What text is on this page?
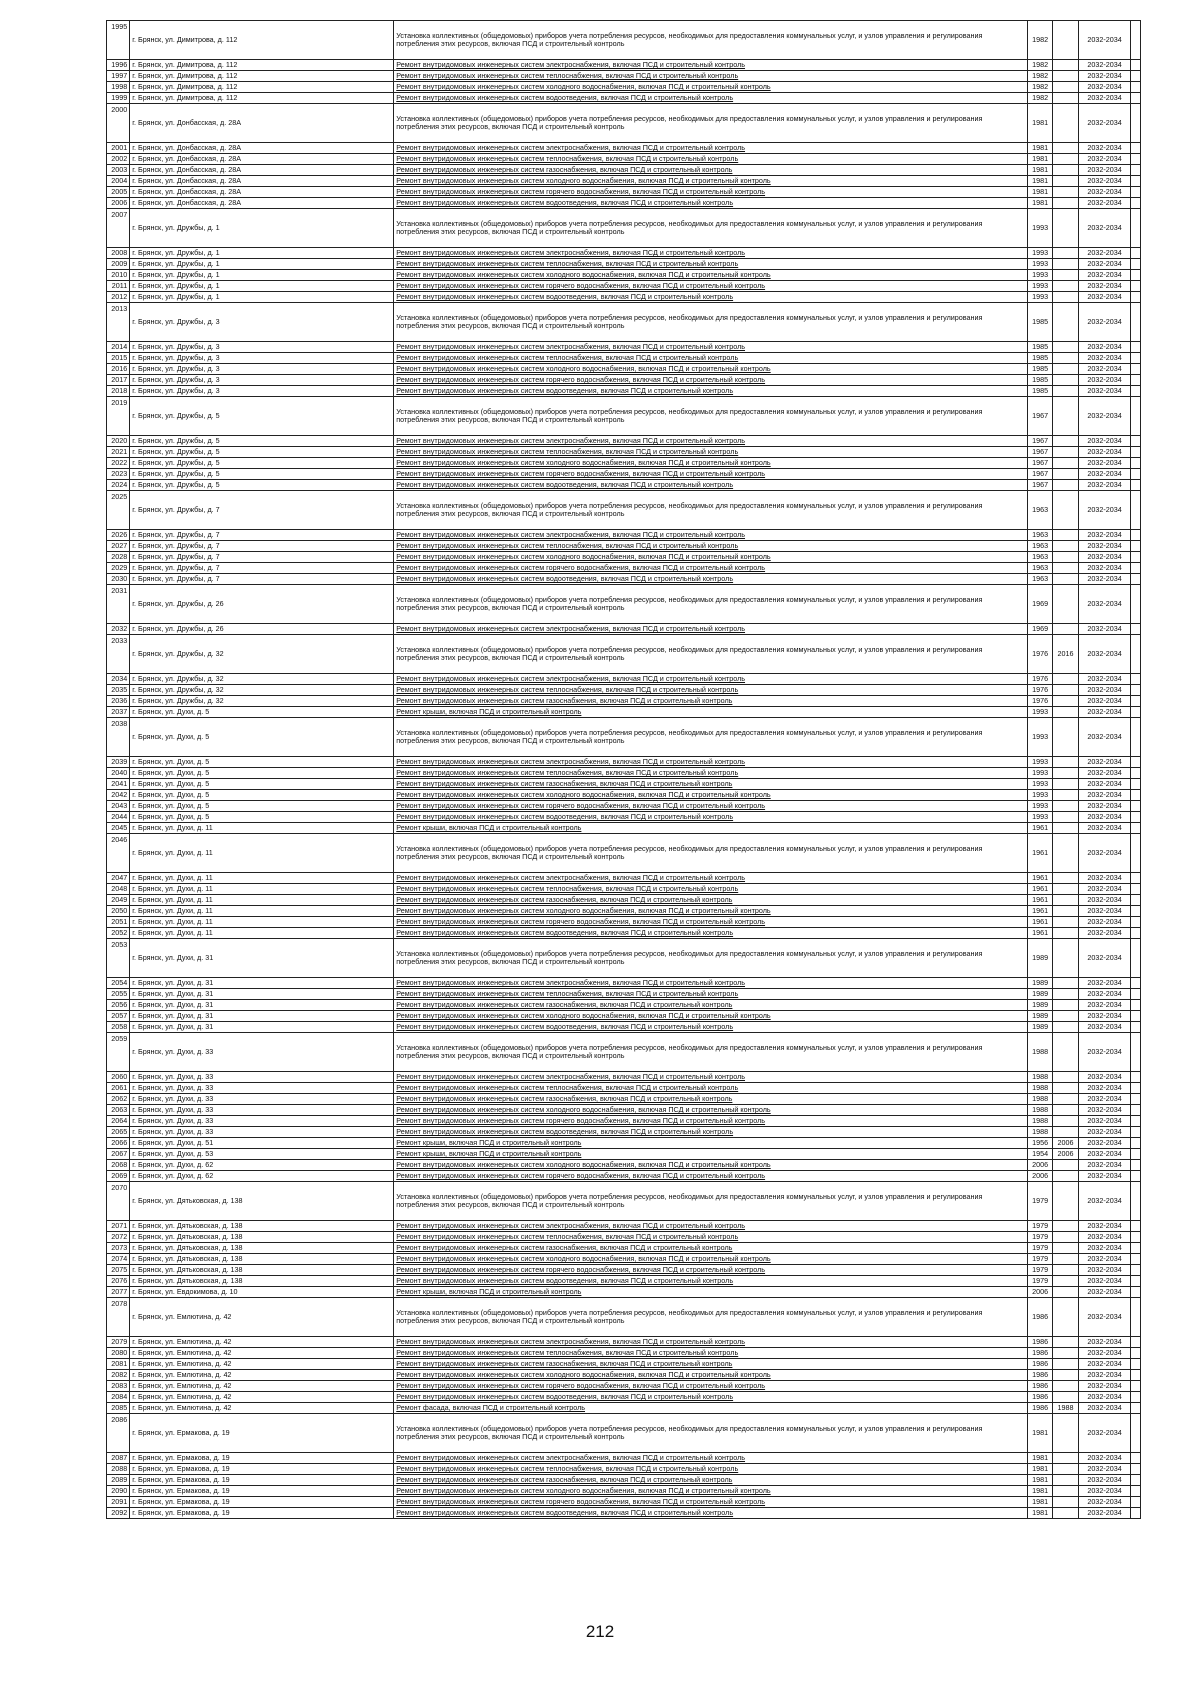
1995	г. Брянск, ул. Димитрова, д. 112	Установка коллективных (общедомовых) приборов учета потребления ресурсов, необходимых для предоставления коммунальных услуг, и узлов управления и регулирования потребления этих ресурсов, включая ПСД и строительный контроль	1982		2032-2034	
1996	г. Брянск, ул. Димитрова, д. 112	Ремонт внутридомовых инженерных систем электроснабжения, включая ПСД и строительный контроль	1982		2032-2034	
1997	г. Брянск, ул. Димитрова, д. 112	Ремонт внутридомовых инженерных систем теплоснабжения, включая ПСД и строительный контроль	1982		2032-2034	
1998	г. Брянск, ул. Димитрова, д. 112	Ремонт внутридомовых инженерных систем холодного водоснабжения, включая ПСД и строительный контроль	1982		2032-2034	
1999	г. Брянск, ул. Димитрова, д. 112	Ремонт внутридомовых инженерных систем водоотведения, включая ПСД и строительный контроль	1982		2032-2034	
2000	г. Брянск, ул. Донбасская, д. 28А	Установка коллективных (общедомовых) приборов учета потребления ресурсов, необходимых для предоставления коммунальных услуг, и узлов управления и регулирования потребления этих ресурсов, включая ПСД и строительный контроль	1981		2032-2034	
2001	г. Брянск, ул. Донбасская, д. 28А	Ремонт внутридомовых инженерных систем электроснабжения, включая ПСД и строительный контроль	1981		2032-2034	
2002	г. Брянск, ул. Донбасская, д. 28А	Ремонт внутридомовых инженерных систем теплоснабжения, включая ПСД и строительный контроль	1981		2032-2034	
2003	г. Брянск, ул. Донбасская, д. 28А	Ремонт внутридомовых инженерных систем газоснабжения, включая ПСД и строительный контроль	1981		2032-2034	
2004	г. Брянск, ул. Донбасская, д. 28А	Ремонт внутридомовых инженерных систем холодного водоснабжения, включая ПСД и строительный контроль	1981		2032-2034	
2005	г. Брянск, ул. Донбасская, д. 28А	Ремонт внутридомовых инженерных систем горячего водоснабжения, включая ПСД и строительный контроль	1981		2032-2034	
2006	г. Брянск, ул. Донбасская, д. 28А	Ремонт внутридомовых инженерных систем водоотведения, включая ПСД и строительный контроль	1981		2032-2034	
2007	г. Брянск, ул. Дружбы, д. 1	Установка коллективных (общедомовых) приборов учета потребления ресурсов, необходимых для предоставления коммунальных услуг, и узлов управления и регулирования потребления этих ресурсов, включая ПСД и строительный контроль	1993		2032-2034	
2008	г. Брянск, ул. Дружбы, д. 1	Ремонт внутридомовых инженерных систем электроснабжения, включая ПСД и строительный контроль	1993		2032-2034	
2009	г. Брянск, ул. Дружбы, д. 1	Ремонт внутридомовых инженерных систем теплоснабжения, включая ПСД и строительный контроль	1993		2032-2034	
2010	г. Брянск, ул. Дружбы, д. 1	Ремонт внутридомовых инженерных систем холодного водоснабжения, включая ПСД и строительный контроль	1993		2032-2034	
2011	г. Брянск, ул. Дружбы, д. 1	Ремонт внутридомовых инженерных систем горячего водоснабжения, включая ПСД и строительный контроль	1993		2032-2034	
2012	г. Брянск, ул. Дружбы, д. 1	Ремонт внутридомовых инженерных систем водоотведения, включая ПСД и строительный контроль	1993		2032-2034	
2013	г. Брянск, ул. Дружбы, д. 3	Установка коллективных (общедомовых) приборов учета потребления ресурсов, необходимых для предоставления коммунальных услуг, и узлов управления и регулирования потребления этих ресурсов, включая ПСД и строительный контроль	1985		2032-2034	
2014	г. Брянск, ул. Дружбы, д. 3	Ремонт внутридомовых инженерных систем электроснабжения, включая ПСД и строительный контроль	1985		2032-2034	
2015	г. Брянск, ул. Дружбы, д. 3	Ремонт внутридомовых инженерных систем теплоснабжения, включая ПСД и строительный контроль	1985		2032-2034	
2016	г. Брянск, ул. Дружбы, д. 3	Ремонт внутридомовых инженерных систем холодного водоснабжения, включая ПСД и строительный контроль	1985		2032-2034	
2017	г. Брянск, ул. Дружбы, д. 3	Ремонт внутридомовых инженерных систем горячего водоснабжения, включая ПСД и строительный контроль	1985		2032-2034	
2018	г. Брянск, ул. Дружбы, д. 3	Ремонт внутридомовых инженерных систем водоотведения, включая ПСД и строительный контроль	1985		2032-2034	
2019	г. Брянск, ул. Дружбы, д. 5	Установка коллективных (общедомовых) приборов учета потребления ресурсов, необходимых для предоставления коммунальных услуг, и узлов управления и регулирования потребления этих ресурсов, включая ПСД и строительный контроль	1967		2032-2034	
2020	г. Брянск, ул. Дружбы, д. 5	Ремонт внутридомовых инженерных систем электроснабжения, включая ПСД и строительный контроль	1967		2032-2034	
2021	г. Брянск, ул. Дружбы, д. 5	Ремонт внутридомовых инженерных систем теплоснабжения, включая ПСД и строительный контроль	1967		2032-2034	
2022	г. Брянск, ул. Дружбы, д. 5	Ремонт внутридомовых инженерных систем холодного водоснабжения, включая ПСД и строительный контроль	1967		2032-2034	
2023	г. Брянск, ул. Дружбы, д. 5	Ремонт внутридомовых инженерных систем горячего водоснабжения, включая ПСД и строительный контроль	1967		2032-2034	
2024	г. Брянск, ул. Дружбы, д. 5	Ремонт внутридомовых инженерных систем водоотведения, включая ПСД и строительный контроль	1967		2032-2034	
2025	г. Брянск, ул. Дружбы, д. 7	Установка коллективных (общедомовых) приборов учета потребления ресурсов, необходимых для предоставления коммунальных услуг, и узлов управления и регулирования потребления этих ресурсов, включая ПСД и строительный контроль	1963		2032-2034	
2026	г. Брянск, ул. Дружбы, д. 7	Ремонт внутридомовых инженерных систем электроснабжения, включая ПСД и строительный контроль	1963		2032-2034	
2027	г. Брянск, ул. Дружбы, д. 7	Ремонт внутридомовых инженерных систем теплоснабжения, включая ПСД и строительный контроль	1963		2032-2034	
2028	г. Брянск, ул. Дружбы, д. 7	Ремонт внутридомовых инженерных систем холодного водоснабжения, включая ПСД и строительный контроль	1963		2032-2034	
2029	г. Брянск, ул. Дружбы, д. 7	Ремонт внутридомовых инженерных систем горячего водоснабжения, включая ПСД и строительный контроль	1963		2032-2034	
2030	г. Брянск, ул. Дружбы, д. 7	Ремонт внутридомовых инженерных систем водоотведения, включая ПСД и строительный контроль	1963		2032-2034	
2031	г. Брянск, ул. Дружбы, д. 26	Установка коллективных (общедомовых) приборов учета потребления ресурсов, необходимых для предоставления коммунальных услуг, и узлов управления и регулирования потребления этих ресурсов, включая ПСД и строительный контроль	1969		2032-2034	
2032	г. Брянск, ул. Дружбы, д. 26	Ремонт внутридомовых инженерных систем электроснабжения, включая ПСД и строительный контроль	1969		2032-2034	
2033	г. Брянск, ул. Дружбы, д. 32	Установка коллективных (общедомовых) приборов учета потребления ресурсов, необходимых для предоставления коммунальных услуг, и узлов управления и регулирования потребления этих ресурсов, включая ПСД и строительный контроль	1976	2016	2032-2034	
2034	г. Брянск, ул. Дружбы, д. 32	Ремонт внутридомовых инженерных систем электроснабжения, включая ПСД и строительный контроль	1976		2032-2034	
2035	г. Брянск, ул. Дружбы, д. 32	Ремонт внутридомовых инженерных систем теплоснабжения, включая ПСД и строительный контроль	1976		2032-2034	
2036	г. Брянск, ул. Дружбы, д. 32	Ремонт внутридомовых инженерных систем газоснабжения, включая ПСД и строительный контроль	1976		2032-2034	
2037	г. Брянск, ул. Духи, д. 5	Ремонт крыши, включая ПСД и строительный контроль	1993		2032-2034	
2038	г. Брянск, ул. Духи, д. 5	Установка коллективных (общедомовых) приборов учета потребления ресурсов, необходимых для предоставления коммунальных услуг, и узлов управления и регулирования потребления этих ресурсов, включая ПСД и строительный контроль	1993		2032-2034	
2039	г. Брянск, ул. Духи, д. 5	Ремонт внутридомовых инженерных систем электроснабжения, включая ПСД и строительный контроль	1993		2032-2034	
2040	г. Брянск, ул. Духи, д. 5	Ремонт внутридомовых инженерных систем теплоснабжения, включая ПСД и строительный контроль	1993		2032-2034	
2041	г. Брянск, ул. Духи, д. 5	Ремонт внутридомовых инженерных систем газоснабжения, включая ПСД и строительный контроль	1993		2032-2034	
2042	г. Брянск, ул. Духи, д. 5	Ремонт внутридомовых инженерных систем холодного водоснабжения, включая ПСД и строительный контроль	1993		2032-2034	
2043	г. Брянск, ул. Духи, д. 5	Ремонт внутридомовых инженерных систем горячего водоснабжения, включая ПСД и строительный контроль	1993		2032-2034	
2044	г. Брянск, ул. Духи, д. 5	Ремонт внутридомовых инженерных систем водоотведения, включая ПСД и строительный контроль	1993		2032-2034	
2045	г. Брянск, ул. Духи, д. 11	Ремонт крыши, включая ПСД и строительный контроль	1961		2032-2034	
2046	г. Брянск, ул. Духи, д. 11	Установка коллективных (общедомовых) приборов учета потребления ресурсов, необходимых для предоставления коммунальных услуг, и узлов управления и регулирования потребления этих ресурсов, включая ПСД и строительный контроль	1961		2032-2034	
2047	г. Брянск, ул. Духи, д. 11	Ремонт внутридомовых инженерных систем электроснабжения, включая ПСД и строительный контроль	1961		2032-2034	
2048	г. Брянск, ул. Духи, д. 11	Ремонт внутридомовых инженерных систем теплоснабжения, включая ПСД и строительный контроль	1961		2032-2034	
2049	г. Брянск, ул. Духи, д. 11	Ремонт внутридомовых инженерных систем газоснабжения, включая ПСД и строительный контроль	1961		2032-2034	
2050	г. Брянск, ул. Духи, д. 11	Ремонт внутридомовых инженерных систем холодного водоснабжения, включая ПСД и строительный контроль	1961		2032-2034	
2051	г. Брянск, ул. Духи, д. 11	Ремонт внутридомовых инженерных систем горячего водоснабжения, включая ПСД и строительный контроль	1961		2032-2034	
2052	г. Брянск, ул. Духи, д. 11	Ремонт внутридомовых инженерных систем водоотведения, включая ПСД и строительный контроль	1961		2032-2034	
2053	г. Брянск, ул. Духи, д. 31	Установка коллективных (общедомовых) приборов учета потребления ресурсов, необходимых для предоставления коммунальных услуг, и узлов управления и регулирования потребления этих ресурсов, включая ПСД и строительный контроль	1989		2032-2034	
2054	г. Брянск, ул. Духи, д. 31	Ремонт внутридомовых инженерных систем электроснабжения, включая ПСД и строительный контроль	1989		2032-2034	
2055	г. Брянск, ул. Духи, д. 31	Ремонт внутридомовых инженерных систем теплоснабжения, включая ПСД и строительный контроль	1989		2032-2034	
2056	г. Брянск, ул. Духи, д. 31	Ремонт внутридомовых инженерных систем газоснабжения, включая ПСД и строительный контроль	1989		2032-2034	
2057	г. Брянск, ул. Духи, д. 31	Ремонт внутридомовых инженерных систем холодного водоснабжения, включая ПСД и строительный контроль	1989		2032-2034	
2058	г. Брянск, ул. Духи, д. 31	Ремонт внутридомовых инженерных систем водоотведения, включая ПСД и строительный контроль	1989		2032-2034	
2059	г. Брянск, ул. Духи, д. 33	Установка коллективных (общедомовых) приборов учета потребления ресурсов, необходимых для предоставления коммунальных услуг, и узлов управления и регулирования потребления этих ресурсов, включая ПСД и строительный контроль	1988		2032-2034	
2060	г. Брянск, ул. Духи, д. 33	Ремонт внутридомовых инженерных систем электроснабжения, включая ПСД и строительный контроль	1988		2032-2034	
2061	г. Брянск, ул. Духи, д. 33	Ремонт внутридомовых инженерных систем теплоснабжения, включая ПСД и строительный контроль	1988		2032-2034	
2062	г. Брянск, ул. Духи, д. 33	Ремонт внутридомовых инженерных систем газоснабжения, включая ПСД и строительный контроль	1988		2032-2034	
2063	г. Брянск, ул. Духи, д. 33	Ремонт внутридомовых инженерных систем холодного водоснабжения, включая ПСД и строительный контроль	1988		2032-2034	
2064	г. Брянск, ул. Духи, д. 33	Ремонт внутридомовых инженерных систем горячего водоснабжения, включая ПСД и строительный контроль	1988		2032-2034	
2065	г. Брянск, ул. Духи, д. 33	Ремонт внутридомовых инженерных систем водоотведения, включая ПСД и строительный контроль	1988		2032-2034	
2066	г. Брянск, ул. Духи, д. 51	Ремонт крыши, включая ПСД и строительный контроль	1956	2006	2032-2034	
2067	г. Брянск, ул. Духи, д. 53	Ремонт крыши, включая ПСД и строительный контроль	1954	2006	2032-2034	
2068	г. Брянск, ул. Духи, д. 62	Ремонт внутридомовых инженерных систем холодного водоснабжения, включая ПСД и строительный контроль	2006		2032-2034	
2069	г. Брянск, ул. Духи, д. 62	Ремонт внутридомовых инженерных систем горячего водоснабжения, включая ПСД и строительный контроль	2006		2032-2034	
2070	г. Брянск, ул. Дятьковская, д. 138	Установка коллективных (общедомовых) приборов учета потребления ресурсов, необходимых для предоставления коммунальных услуг, и узлов управления и регулирования потребления этих ресурсов, включая ПСД и строительный контроль	1979		2032-2034	
2071	г. Брянск, ул. Дятьковская, д. 138	Ремонт внутридомовых инженерных систем электроснабжения, включая ПСД и строительный контроль	1979		2032-2034	
2072	г. Брянск, ул. Дятьковская, д. 138	Ремонт внутридомовых инженерных систем теплоснабжения, включая ПСД и строительный контроль	1979		2032-2034	
2073	г. Брянск, ул. Дятьковская, д. 138	Ремонт внутридомовых инженерных систем газоснабжения, включая ПСД и строительный контроль	1979		2032-2034	
2074	г. Брянск, ул. Дятьковская, д. 138	Ремонт внутридомовых инженерных систем холодного водоснабжения, включая ПСД и строительный контроль	1979		2032-2034	
2075	г. Брянск, ул. Дятьковская, д. 138	Ремонт внутридомовых инженерных систем горячего водоснабжения, включая ПСД и строительный контроль	1979		2032-2034	
2076	г. Брянск, ул. Дятьковская, д. 138	Ремонт внутридомовых инженерных систем водоотведения, включая ПСД и строительный контроль	1979		2032-2034	
2077	г. Брянск, ул. Евдокимова, д. 10	Ремонт крыши, включая ПСД и строительный контроль	2006		2032-2034	
2078	г. Брянск, ул. Емлютина, д. 42	Установка коллективных (общедомовых) приборов учета потребления ресурсов, необходимых для предоставления коммунальных услуг, и узлов управления и регулирования потребления этих ресурсов, включая ПСД и строительный контроль	1986		2032-2034	
2079	г. Брянск, ул. Емлютина, д. 42	Ремонт внутридомовых инженерных систем электроснабжения, включая ПСД и строительный контроль	1986		2032-2034	
2080	г. Брянск, ул. Емлютина, д. 42	Ремонт внутридомовых инженерных систем теплоснабжения, включая ПСД и строительный контроль	1986		2032-2034	
2081	г. Брянск, ул. Емлютина, д. 42	Ремонт внутридомовых инженерных систем газоснабжения, включая ПСД и строительный контроль	1986		2032-2034	
2082	г. Брянск, ул. Емлютина, д. 42	Ремонт внутридомовых инженерных систем холодного водоснабжения, включая ПСД и строительный контроль	1986		2032-2034	
2083	г. Брянск, ул. Емлютина, д. 42	Ремонт внутридомовых инженерных систем горячего водоснабжения, включая ПСД и строительный контроль	1986		2032-2034	
2084	г. Брянск, ул. Емлютина, д. 42	Ремонт внутридомовых инженерных систем водоотведения, включая ПСД и строительный контроль	1986		2032-2034	
2085	г. Брянск, ул. Емлютина, д. 42	Ремонт фасада, включая ПСД и строительный контроль	1986	1988	2032-2034	
2086	г. Брянск, ул. Ермакова, д. 19	Установка коллективных (общедомовых) приборов учета потребления ресурсов, необходимых для предоставления коммунальных услуг, и узлов управления и регулирования потребления этих ресурсов, включая ПСД и строительный контроль	1981		2032-2034	
2087	г. Брянск, ул. Ермакова, д. 19	Ремонт внутридомовых инженерных систем электроснабжения, включая ПСД и строительный контроль	1981		2032-2034	
2088	г. Брянск, ул. Ермакова, д. 19	Ремонт внутридомовых инженерных систем теплоснабжения, включая ПСД и строительный контроль	1981		2032-2034	
2089	г. Брянск, ул. Ермакова, д. 19	Ремонт внутридомовых инженерных систем газоснабжения, включая ПСД и строительный контроль	1981		2032-2034	
2090	г. Брянск, ул. Ермакова, д. 19	Ремонт внутридомовых инженерных систем холодного водоснабжения, включая ПСД и строительный контроль	1981		2032-2034	
2091	г. Брянск, ул. Ермакова, д. 19	Ремонт внутридомовых инженерных систем горячего водоснабжения, включая ПСД и строительный контроль	1981		2032-2034	
2092	г. Брянск, ул. Ермакова, д. 19	Ремонт внутридомовых инженерных систем водоотведения, включая ПСД и строительный контроль	1981		2032-2034	
212
